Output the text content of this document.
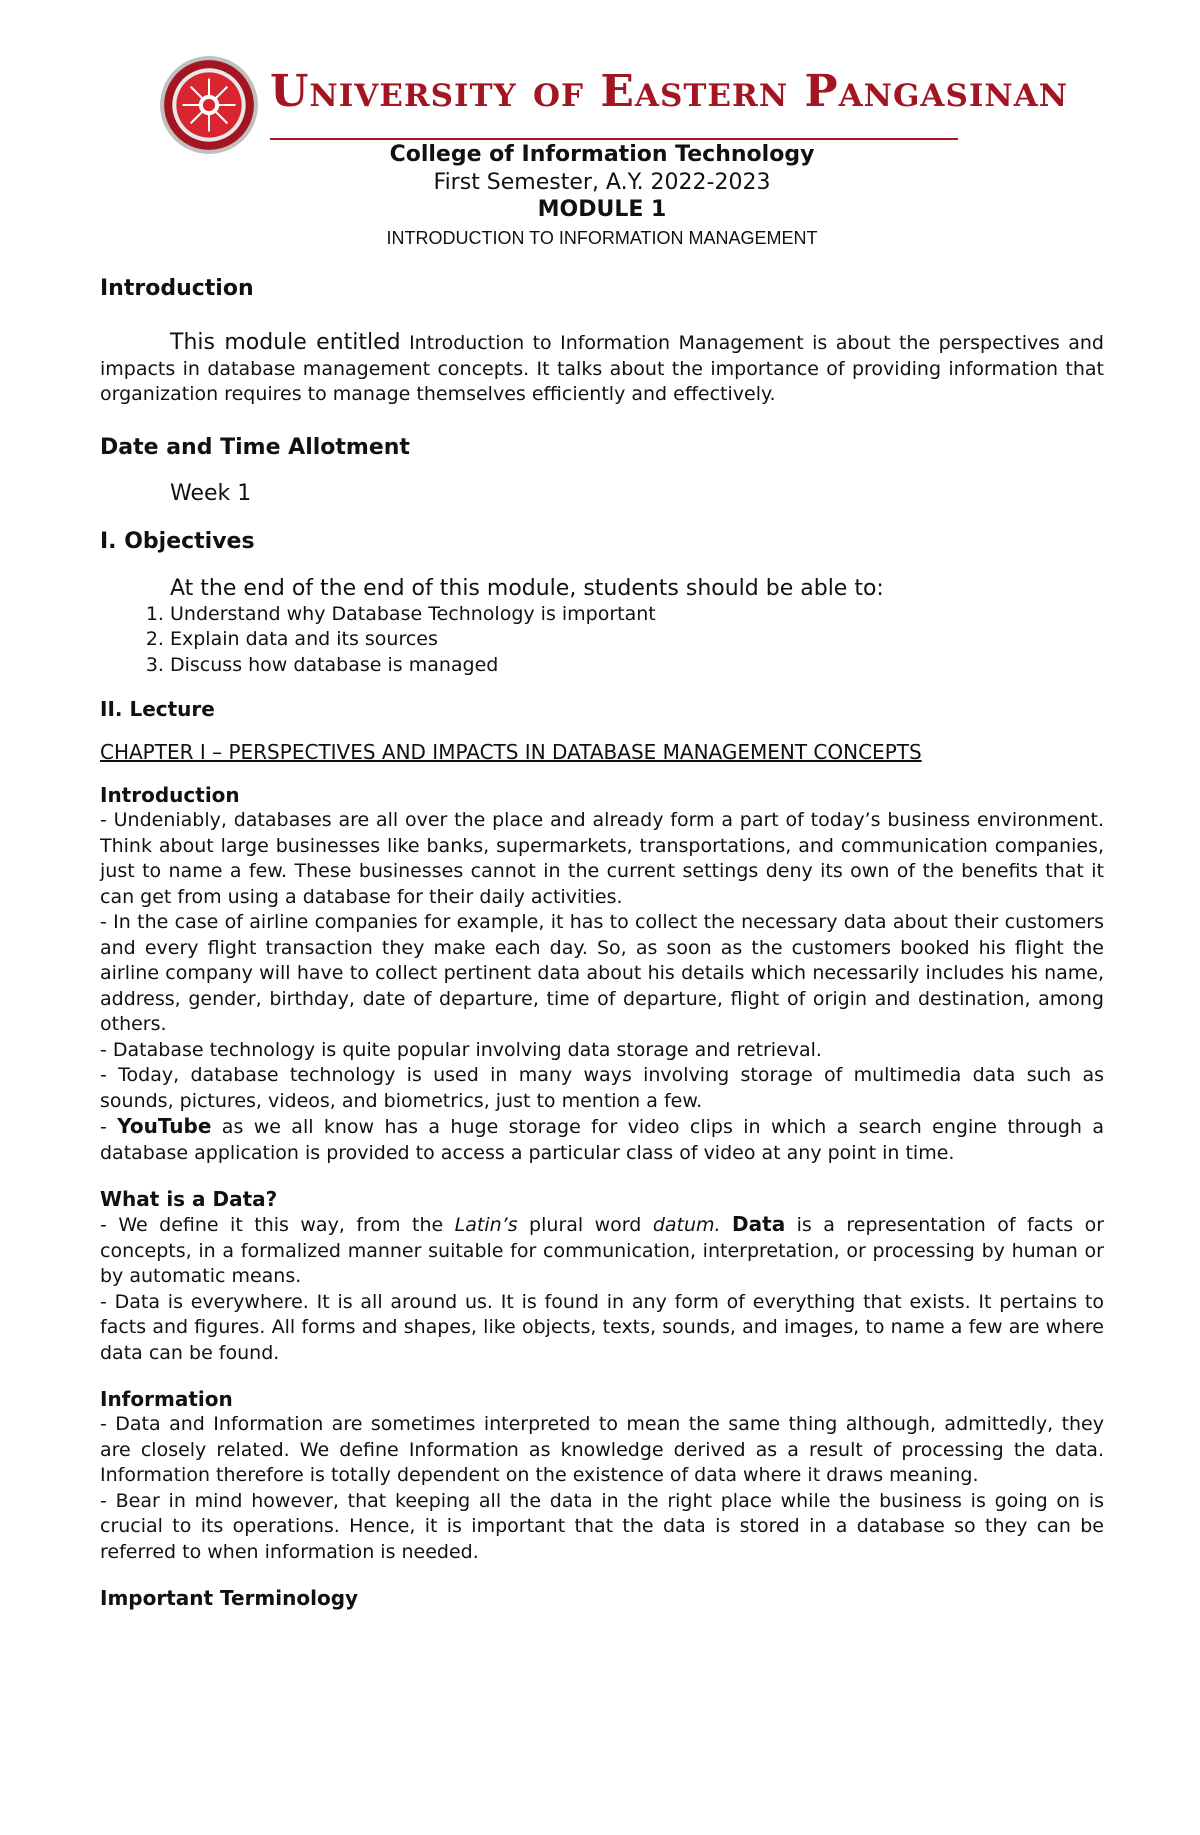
University of Eastern Pangasinan
College of Information Technology
First Semester, A.Y. 2022-2023
MODULE 1
INTRODUCTION TO INFORMATION MANAGEMENT
Introduction

This module entitled Introduction to Information Management is about the perspectives and impacts in database management concepts. It talks about the importance of providing information that organization requires to manage themselves efficiently and effectively.

Date and Time Allotment

Week 1

I. Objectives

At the end of the end of this module, students should be able to:

1. Understand why Database Technology is important
2. Explain data and its sources
3. Discuss how database is managed

II. Lecture

CHAPTER I – PERSPECTIVES AND IMPACTS IN DATABASE MANAGEMENT CONCEPTS

Introduction

- Undeniably, databases are all over the place and already form a part of today’s business environment. Think about large businesses like banks, supermarkets, transportations, and communication companies, just to name a few. These businesses cannot in the current settings deny its own of the benefits that it can get from using a database for their daily activities.

- In the case of airline companies for example, it has to collect the necessary data about their customers and every flight transaction they make each day. So, as soon as the customers booked his flight the airline company will have to collect pertinent data about his details which necessarily includes his name, address, gender, birthday, date of departure, time of departure, flight of origin and destination, among others.

- Database technology is quite popular involving data storage and retrieval.

- Today, database technology is used in many ways involving storage of multimedia data such as sounds, pictures, videos, and biometrics, just to mention a few.

- YouTube as we all know has a huge storage for video clips in which a search engine through a database application is provided to access a particular class of video at any point in time.

What is a Data?

- We define it this way, from the Latin’s plural word datum. Data is a representation of facts or concepts, in a formalized manner suitable for communication, interpretation, or processing by human or by automatic means.

- Data is everywhere. It is all around us. It is found in any form of everything that exists. It pertains to facts and figures. All forms and shapes, like objects, texts, sounds, and images, to name a few are where data can be found.

Information

- Data and Information are sometimes interpreted to mean the same thing although, admittedly, they are closely related. We define Information as knowledge derived as a result of processing the data. Information therefore is totally dependent on the existence of data where it draws meaning.

- Bear in mind however, that keeping all the data in the right place while the business is going on is crucial to its operations. Hence, it is important that the data is stored in a database so they can be referred to when information is needed.

Important Terminology
